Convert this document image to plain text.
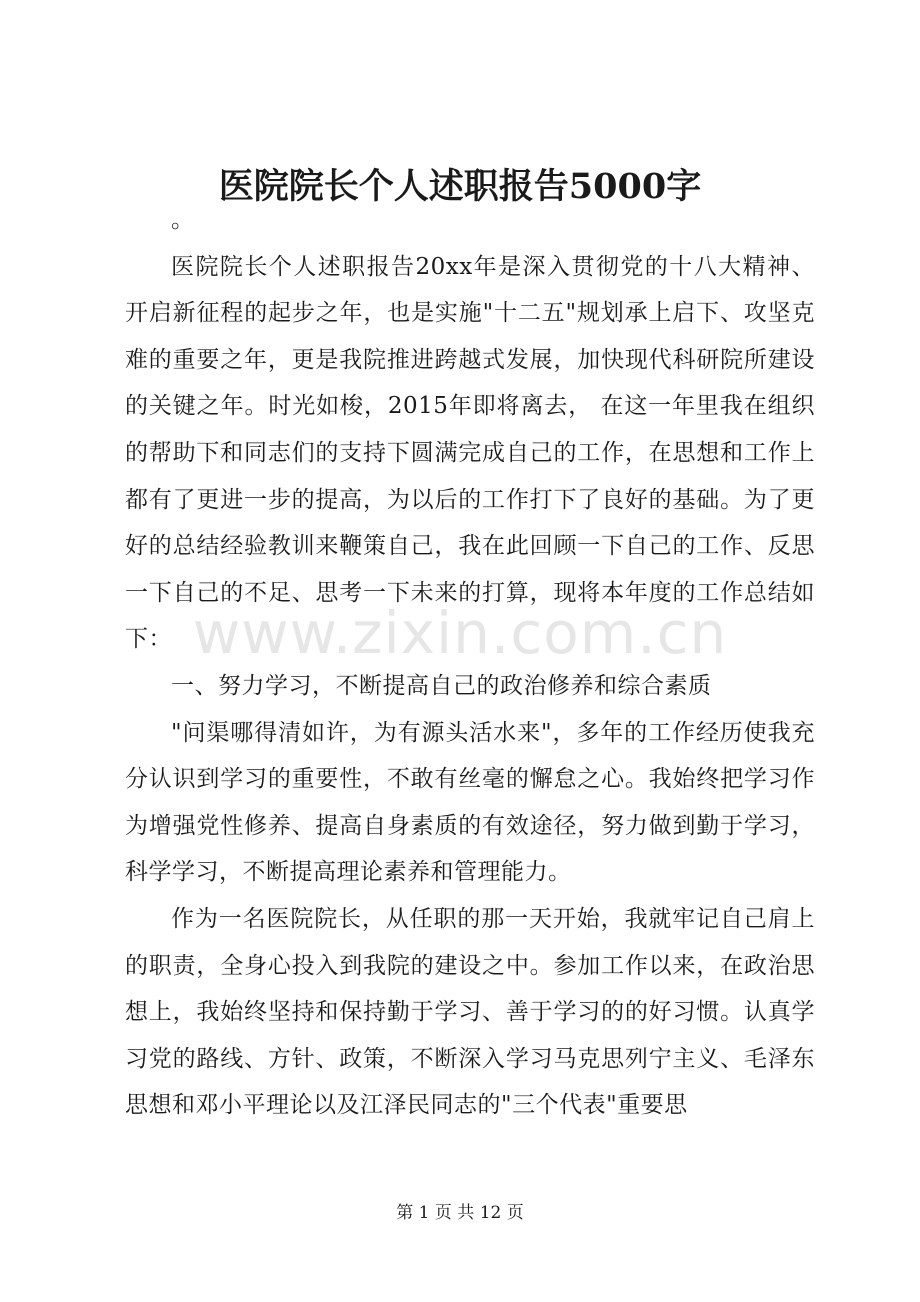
医院院长个人述职报告5000字

。

医院院长个人述职报告20xx年是深入贯彻党的十八大精神、开启新征程的起步之年，也是实施"十二五"规划承上启下、攻坚克难的重要之年，更是我院推进跨越式发展，加快现代科研院所建设的关键之年。时光如梭，2015年即将离去， 在这一年里我在组织的帮助下和同志们的支持下圆满完成自己的工作，在思想和工作上都有了更进一步的提高，为以后的工作打下了良好的基础。为了更好的总结经验教训来鞭策自己，我在此回顾一下自己的工作、反思一下自己的不足、思考一下未来的打算，现将本年度的工作总结如下：

一、努力学习，不断提高自己的政治修养和综合素质

"问渠哪得清如许，为有源头活水来"，多年的工作经历使我充分认识到学习的重要性，不敢有丝毫的懈怠之心。我始终把学习作为增强党性修养、提高自身素质的有效途径，努力做到勤于学习，科学学习，不断提高理论素养和管理能力。

作为一名医院院长，从任职的那一天开始，我就牢记自己肩上的职责，全身心投入到我院的建设之中。参加工作以来，在政治思想上，我始终坚持和保持勤于学习、善于学习的的好习惯。认真学习党的路线、方针、政策，不断深入学习马克思列宁主义、毛泽东思想和邓小平理论以及江泽民同志的"三个代表"重要思

www.zixin.com.cn
第 1 页 共 12 页
